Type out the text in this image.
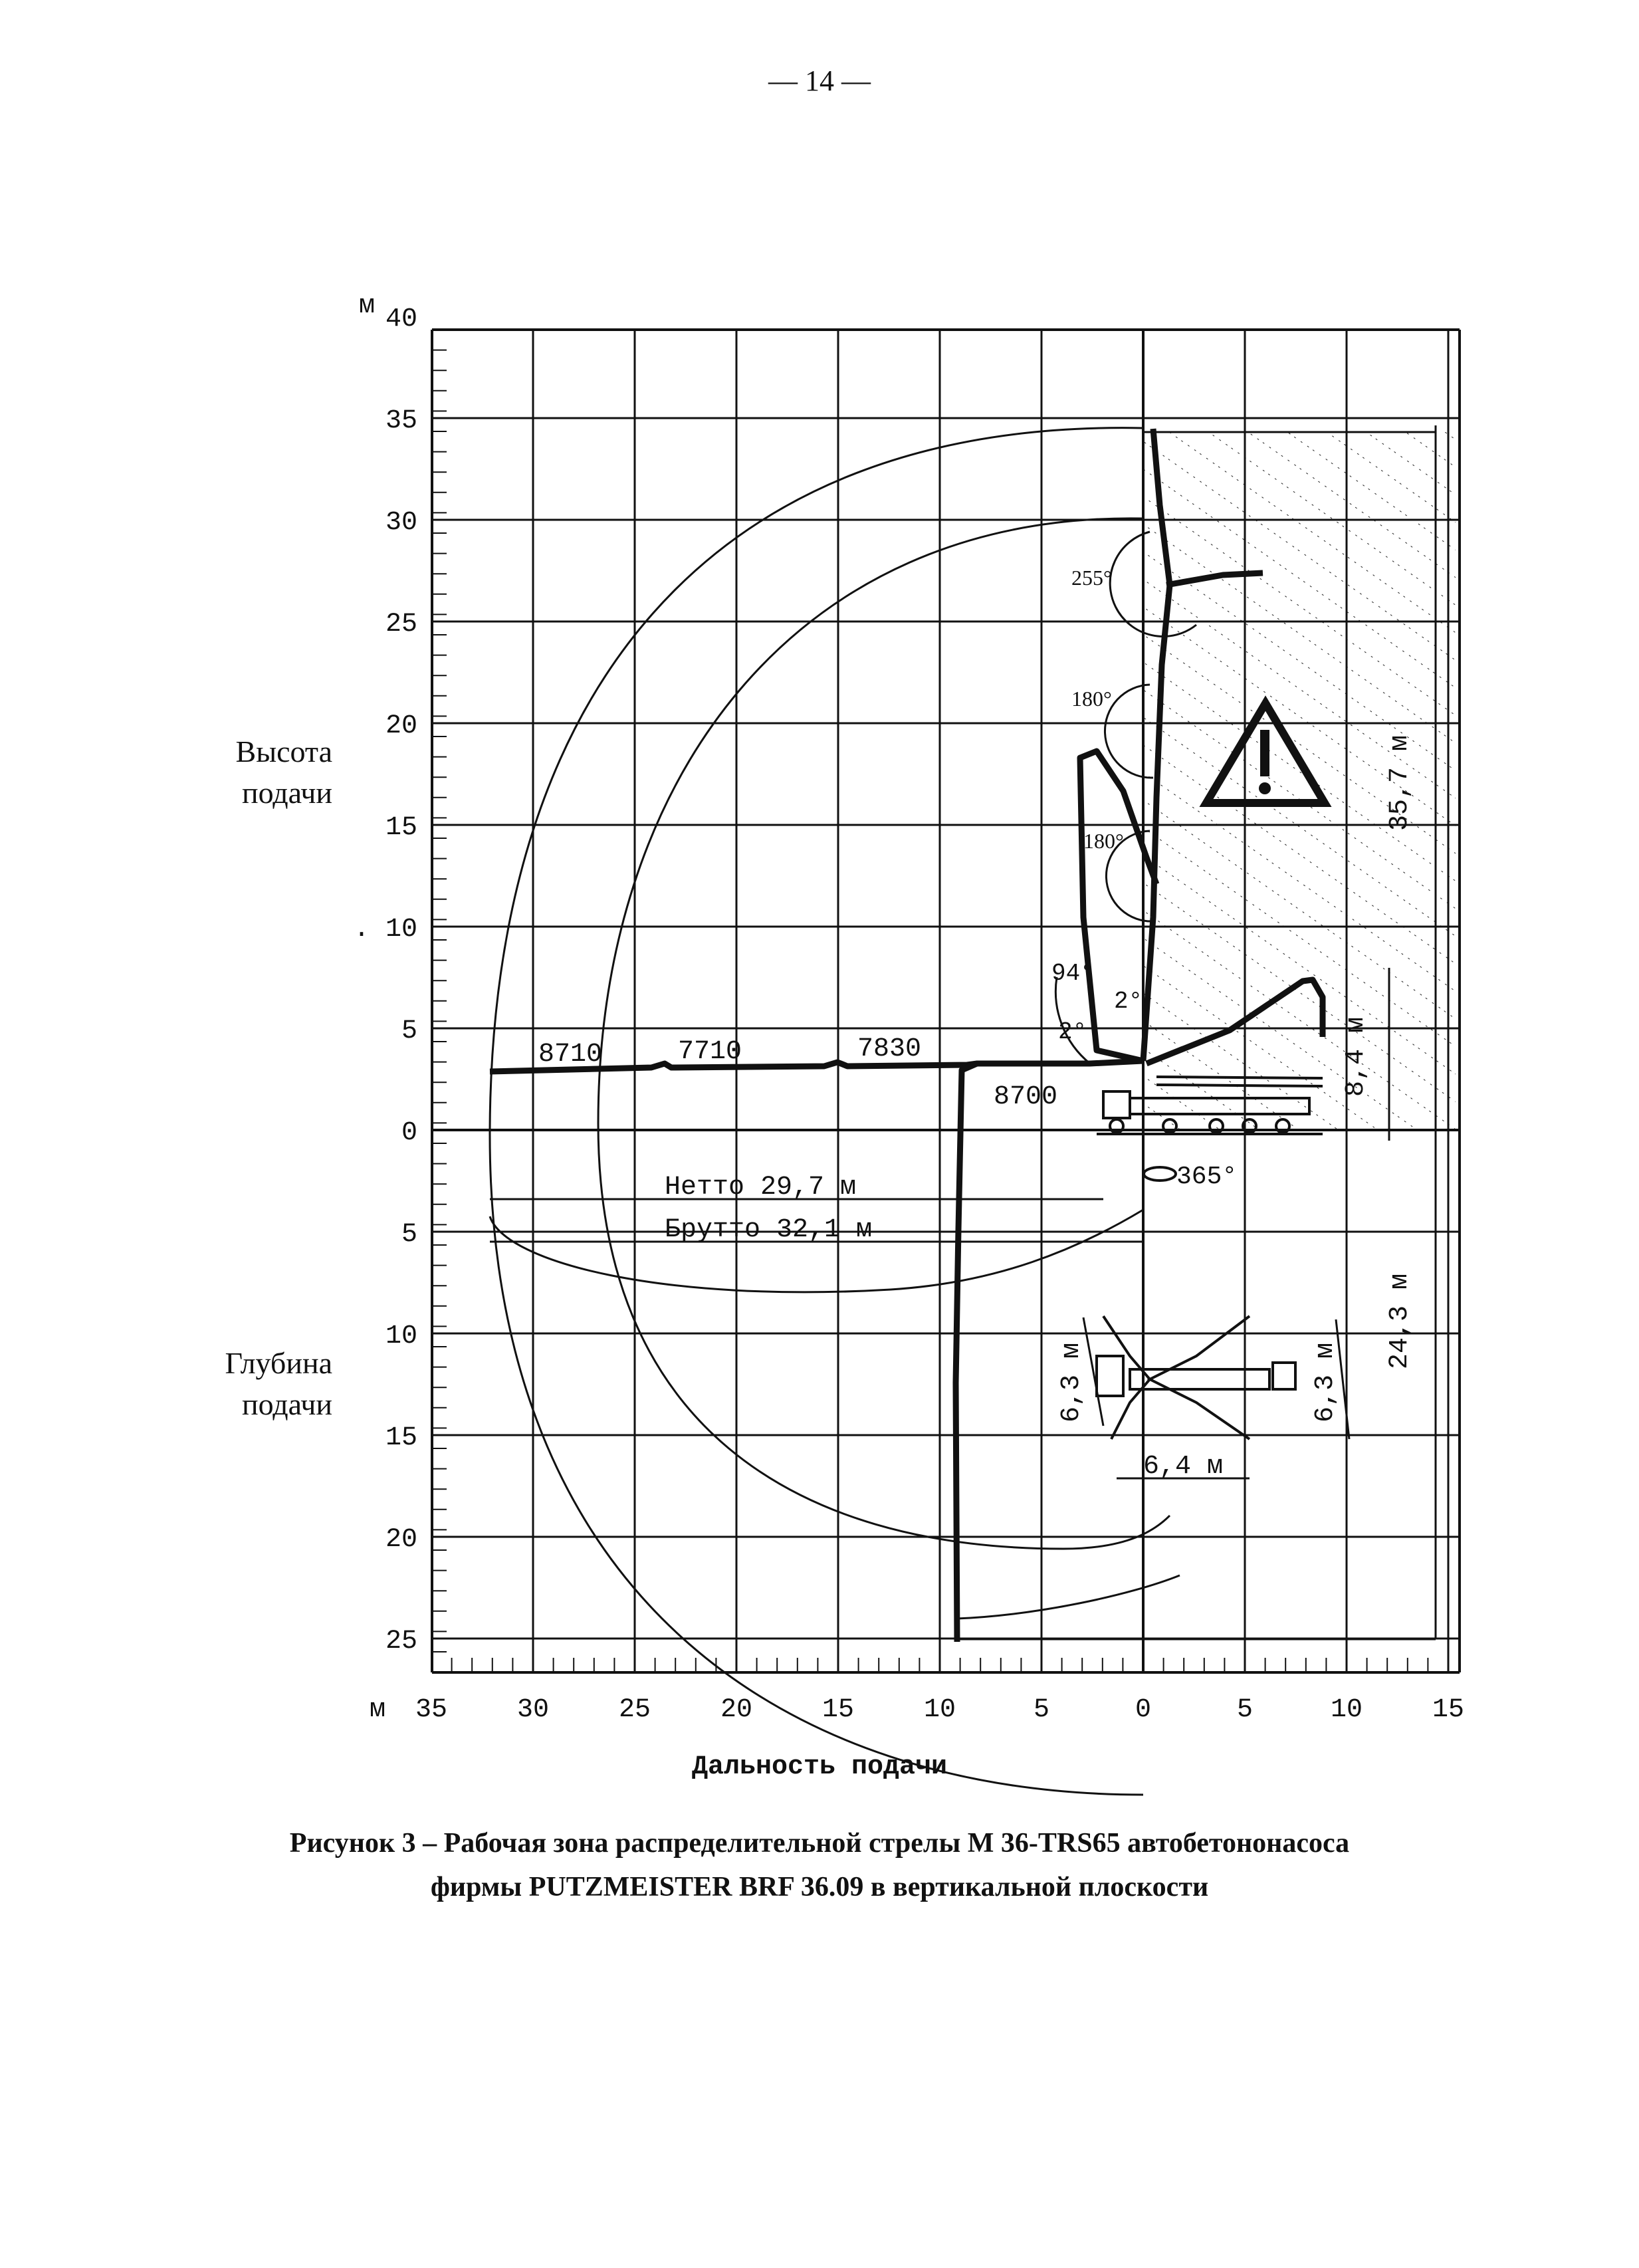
— 14 —
40
35
30
25
20
15
. 10
5
0
5
10
15
20
25
35	30	25	20	15	10	5	0	5	10	15
м
м
8710	7710	7830
8700
255°
180°
180°
94°
2°
2°
365°
Нетто 29,7 м
Брутто 32,1 м
6,4 м
35,7 м
8,4 м
24,3 м
6,3 м	6,3 м
Высота
подачи
Глубина
подачи
Дальность подачи
Рисунок 3 – Рабочая зона распределительной стрелы М 36-TRS65 автобетононасоса
фирмы PUTZMEISTER BRF 36.09 в вертикальной плоскости
